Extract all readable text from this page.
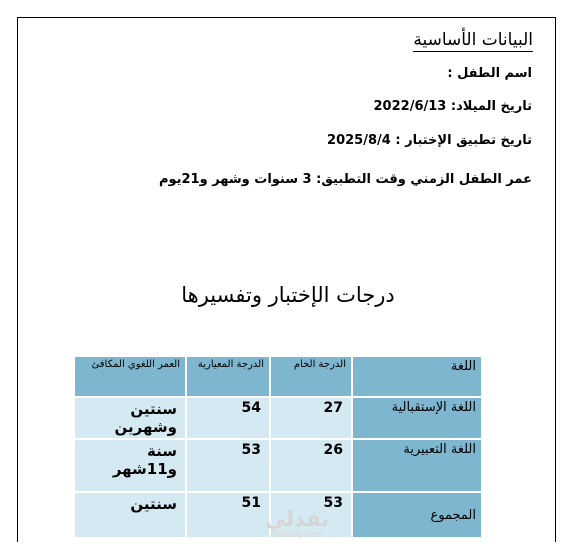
البيانات الأساسية
اسم الطفل :
تاريخ الميلاد: 2022/6/13
تاريخ تطبيق الإختبار : 2025/8/4
عمر الطفل الزمني وقت التطبيق: 3 سنوات وشهر و21يوم
درجات الإختبار وتفسيرها
اللغة	الدرجة الخام	الدرجة المعيارية	العمر اللغوي المكافئ
اللغة الإستقبالية	27	54	سنتين وشهرين
اللغة التعبيرية	26	53	سنة و11شهر
المجموع	53	51	سنتين
نفذلي
nafezly.com
